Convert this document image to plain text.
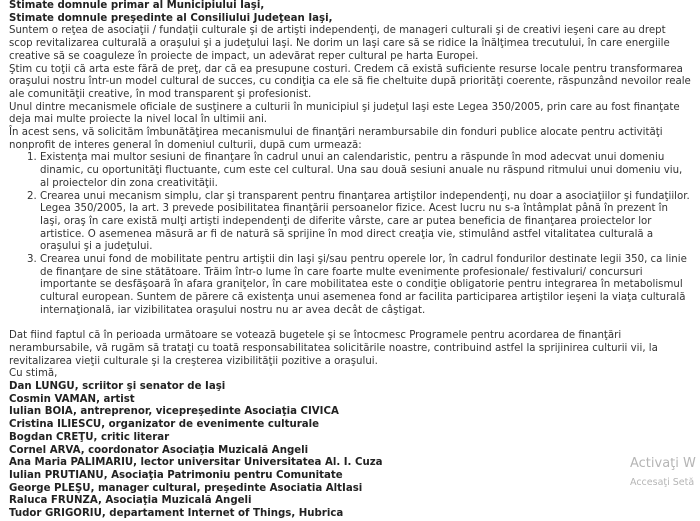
Stimate domnule primar al Municipiului Iaşi,

Stimate domnule preşedinte al Consiliului Judeţean Iaşi,

Suntem o reţea de asociaţii / fundaţii culturale şi de artişti independenţi, de manageri culturali şi de creativi ieşeni care au drept scop revitalizarea culturală a oraşului şi a judeţului Iaşi. Ne dorim un Iaşi care să se ridice la înălţimea trecutului, în care energiile creative să se coaguleze în proiecte de impact, un adevărat reper cultural pe harta Europei.

Ştim cu toţii că arta este fără de preţ, dar că ea presupune costuri. Credem că există suficiente resurse locale pentru transformarea oraşului nostru într-un model cultural de succes, cu condiţia ca ele să fie cheltuite după priorităţi coerente, răspunzând nevoilor reale ale comunităţii creative, în mod transparent şi profesionist.

Unul dintre mecanismele oficiale de susţinere a culturii în municipiul şi judeţul Iaşi este Legea 350/2005, prin care au fost finanţate deja mai multe proiecte la nivel local în ultimii ani.

În acest sens, vă solicităm îmbunătăţirea mecanismului de finanţări nerambursabile din fonduri publice alocate pentru activităţi nonprofit de interes general în domeniul culturii, după cum urmează:

1. Existenţa mai multor sesiuni de finanţare în cadrul unui an calendaristic, pentru a răspunde în mod adecvat unui domeniu dinamic, cu oportunităţi fluctuante, cum este cel cultural. Una sau două sesiuni anuale nu răspund ritmului unui domeniu viu, al proiectelor din zona creativităţii.
2. Crearea unui mecanism simplu, clar şi transparent pentru finanţarea artiştilor independenţi, nu doar a asociaţiilor şi fundaţiilor. Legea 350/2005, la art. 3 prevede posibilitatea finanţării persoanelor fizice. Acest lucru nu s-a întâmplat până în prezent în Iaşi, oraş în care există mulţi artişti independenţi de diferite vârste, care ar putea beneficia de finanţarea proiectelor lor artistice. O asemenea măsură ar fi de natură să sprijine în mod direct creaţia vie, stimulând astfel vitalitatea culturală a oraşului şi a judeţului.
3. Crearea unui fond de mobilitate pentru artiştii din Iaşi şi/sau pentru operele lor, în cadrul fondurilor destinate legii 350, ca linie de finanţare de sine stătătoare. Trăim într-o lume în care foarte multe evenimente profesionale/ festivaluri/ concursuri importante se desfăşoară în afara graniţelor, în care mobilitatea este o condiţie obligatorie pentru integrarea în metabolismul cultural european. Suntem de părere că existenţa unui asemenea fond ar facilita participarea artiştilor ieşeni la viaţa culturală internaţională, iar vizibilitatea oraşului nostru nu ar avea decât de câştigat.

Dat fiind faptul că în perioada următoare se votează bugetele şi se întocmesc Programele pentru acordarea de finanţări nerambursabile, vă rugăm să trataţi cu toată responsabilitatea solicitările noastre, contribuind astfel la sprijinirea culturii vii, la revitalizarea vieţii culturale şi la creşterea vizibilităţii pozitive a oraşului.

Cu stimă,

Dan LUNGU, scriitor şi senator de Iaşi
Cosmin VAMAN, artist
Iulian BOIA, antreprenor, vicepreşedinte Asociaţia CIVICA
Cristina ILIESCU, organizator de evenimente culturale
Bogdan CREŢU, critic literar
Cornel ARVA, coordonator Asociaţia Muzicală Angeli
Ana Maria PALIMARIU, lector universitar Universitatea Al. I. Cuza
Iulian PRUTIANU, Asociaţia Patrimoniu pentru Comunitate
George PLEŞU, manager cultural, preşedinte Asociatia AltIasi
Raluca FRUNZA, Asociaţia Muzicală Angeli
Tudor GRIGORIU, departament Internet of Things, Hubrica
Activaţi W
Accesaţi Setă
